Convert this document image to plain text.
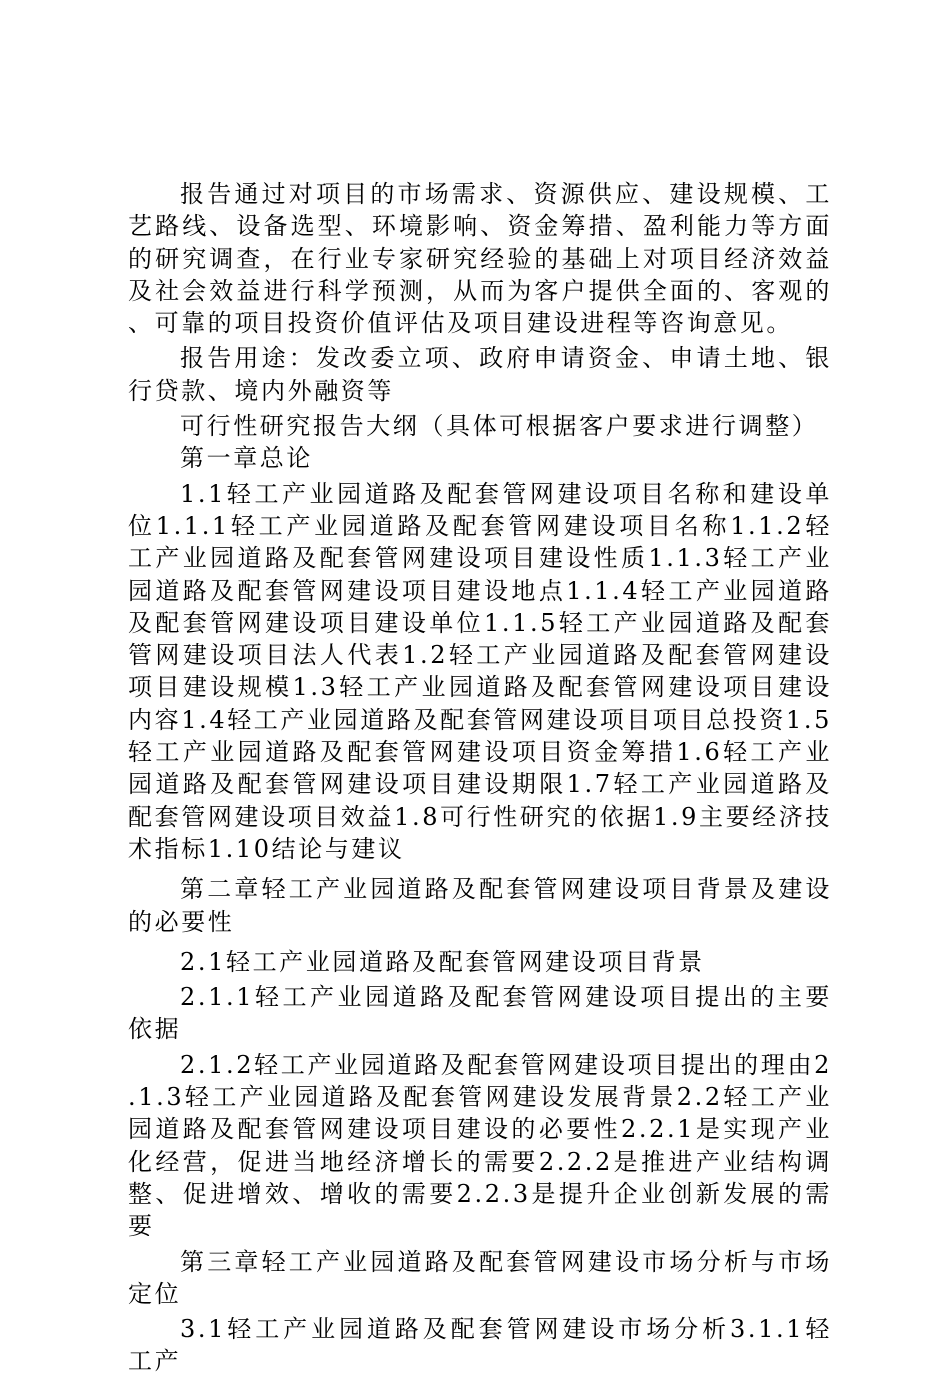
报告通过对项目的市场需求、资源供应、建设规模、工艺路线、设备选型、环境影响、资金筹措、盈利能力等方面的研究调查，在行业专家研究经验的基础上对项目经济效益及社会效益进行科学预测，从而为客户提供全面的、客观的、可靠的项目投资价值评估及项目建设进程等咨询意见。

报告用途：发改委立项、政府申请资金、申请土地、银行贷款、境内外融资等

可行性研究报告大纲（具体可根据客户要求进行调整）

第一章总论

1.1轻工产业园道路及配套管网建设项目名称和建设单位1.1.1轻工产业园道路及配套管网建设项目名称1.1.2轻工产业园道路及配套管网建设项目建设性质1.1.3轻工产业园道路及配套管网建设项目建设地点1.1.4轻工产业园道路及配套管网建设项目建设单位1.1.5轻工产业园道路及配套管网建设项目法人代表1.2轻工产业园道路及配套管网建设项目建设规模1.3轻工产业园道路及配套管网建设项目建设内容1.4轻工产业园道路及配套管网建设项目项目总投资1.5轻工产业园道路及配套管网建设项目资金筹措1.6轻工产业园道路及配套管网建设项目建设期限1.7轻工产业园道路及配套管网建设项目效益1.8可行性研究的依据1.9主要经济技术指标1.10结论与建议

第二章轻工产业园道路及配套管网建设项目背景及建设的必要性

2.1轻工产业园道路及配套管网建设项目背景

2.1.1轻工产业园道路及配套管网建设项目提出的主要依据

2.1.2轻工产业园道路及配套管网建设项目提出的理由2.1.3轻工产业园道路及配套管网建设发展背景2.2轻工产业园道路及配套管网建设项目建设的必要性2.2.1是实现产业化经营，促进当地经济增长的需要2.2.2是推进产业结构调整、促进增效、增收的需要2.2.3是提升企业创新发展的需要

第三章轻工产业园道路及配套管网建设市场分析与市场定位

3.1轻工产业园道路及配套管网建设市场分析3.1.1轻工产
